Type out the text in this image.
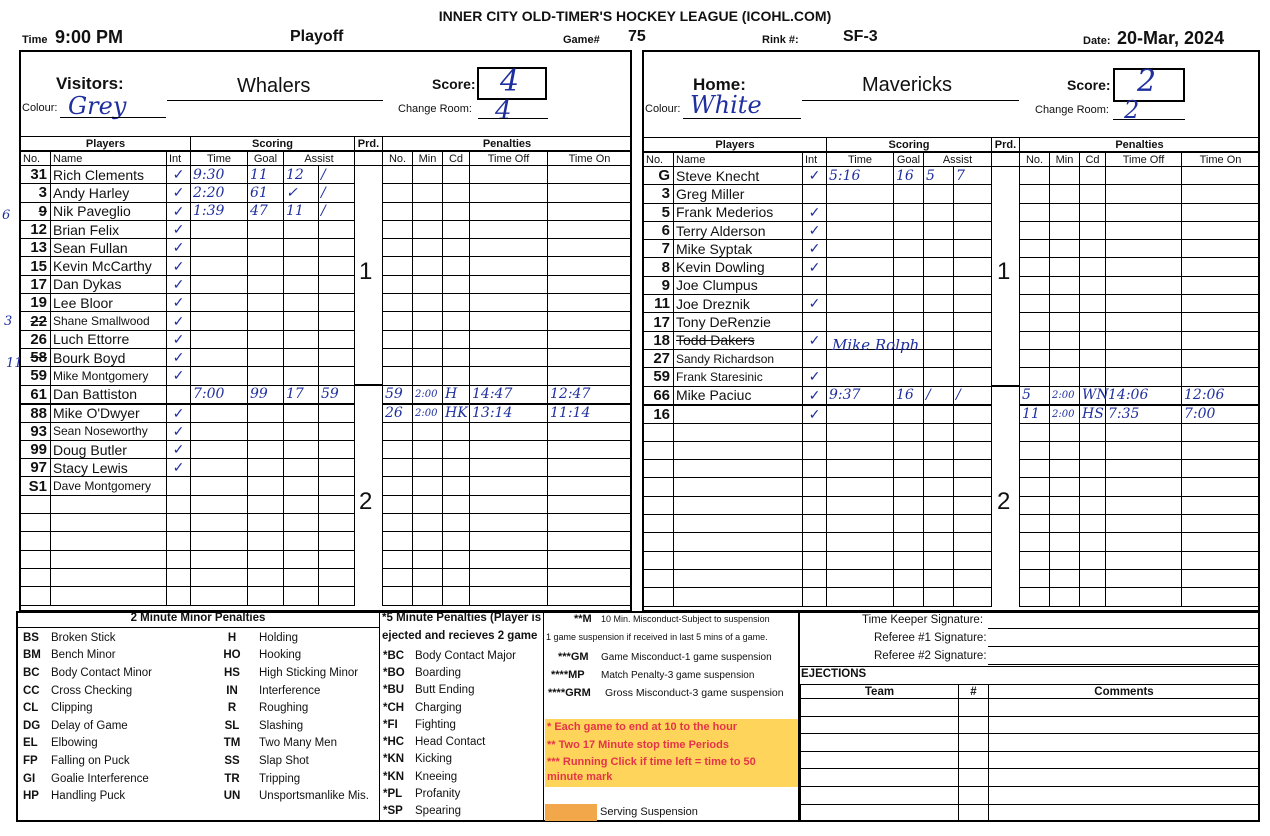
INNER CITY OLD-TIMER'S HOCKEY LEAGUE (ICOHL.COM)
Time 9:00 PM	Playoff	Game# 75	Rink #:	SF-3	Date: 20-Mar, 2024
Visitors:
Colour: Grey
Whalers	Score: 4
Change Room: 4
Players	Scoring	Prd.	Penalties
No.	Name	Int	Time	Goal	Assist			No.	Min	Cd	Time Off	Time On
31	Rich Clements	✓	9:30	11	12	/						
3	Andy Harley	✓	2:20	61	✓	/						
9	Nik Paveglio	✓	1:39	47	11	/						
12	Brian Felix	✓										
13	Sean Fullan	✓										
15	Kevin McCarthy	✓										
17	Dan Dykas	✓										
19	Lee Bloor	✓										
22	Shane Smallwood	✓										
26	Luch Ettorre	✓										
58	Bourk Boyd	✓										
59	Mike Montgomery	✓										
61	Dan Battiston		7:00	99	17	59		59	2:00	H	14:47	12:47
88	Mike O'Dwyer	✓						26	2:00	HK	13:14	11:14
93	Sean Noseworthy	✓										
99	Doug Butler	✓										
97	Stacy Lewis	✓										
S1	Dave Montgomery											

1
2
6
3
11
Home:
Colour: White
Mavericks	Score: 2
Change Room: 2
Players	Scoring	Prd.	Penalties
No.	Name	Int	Time	Goal	Assist			No.	Min	Cd	Time Off	Time On
G	Steve Knecht	✓	5:16	16	5	7						
3	Greg Miller											
5	Frank Mederios	✓										
6	Terry Alderson	✓										
7	Mike Syptak	✓										
8	Kevin Dowling	✓										
9	Joe Clumpus											
11	Joe Dreznik	✓										
17	Tony DeRenzie											
18	Todd Dakers	✓										
27	Sandy Richardson											
59	Frank Staresinic	✓										
66	Mike Paciuc	✓	9:37	16	/	/		5	2:00	WN	14:06	12:06
16		✓						11	2:00	HS	7:35	7:00

1
2
Mike Rolph
2 Minute Minor Penalties
BS	Broken Stick	H	Holding
BM	Bench Minor	HO	Hooking
BC	Body Contact Minor	HS	High Sticking Minor
CC	Cross Checking	IN	Interference
CL	Clipping	R	Roughing
DG	Delay of Game	SL	Slashing
EL	Elbowing	TM	Two Many Men
FP	Falling on Puck	SS	Slap Shot
GI	Goalie Interference	TR	Tripping
HP	Handling Puck	UN	Unsportsmanlike Mis.
*5 Minute Penalties (Player is
ejected and recieves 2 game
*BC	Body Contact Major
*BO	Boarding
*BU	Butt Ending
*CH	Charging
*FI	Fighting
*HC	Head Contact
*KN	Kicking
*KN	Kneeing
*PL	Profanity
*SP	Spearing
**M 10 Min. Misconduct-Subject to suspension
1 game suspension if received in last 5 mins of a game.
***GM Game Misconduct-1 game suspension
****MP Match Penalty-3 game suspension
****GRM Gross Misconduct-3 game suspension
* Each game to end at 10 to the hour
** Two 17 Minute stop time Periods
*** Running Click if time left = time to 50
minute mark
Serving Suspension
Time Keeper Signature:
Referee #1 Signature:
Referee #2 Signature:
EJECTIONS
Team	#	Comments
